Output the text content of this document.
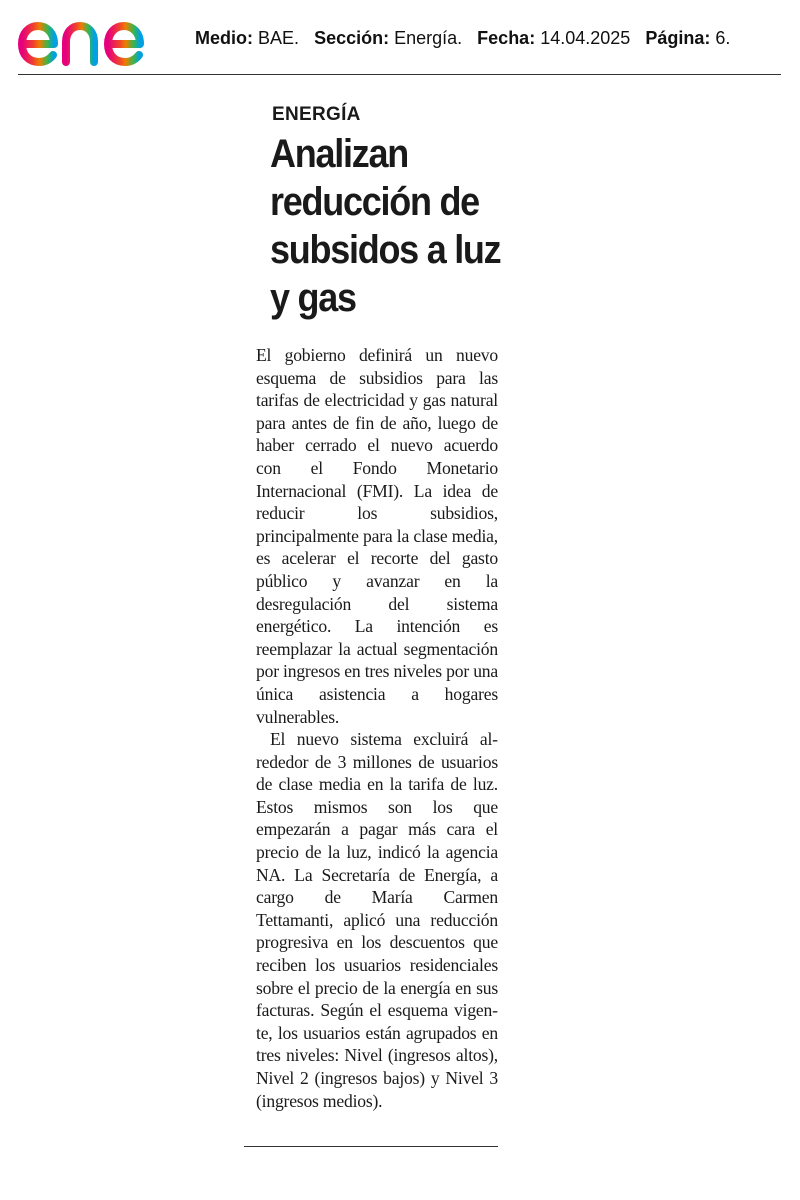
Medio: BAE. Sección: Energía. Fecha: 14.04.2025 Página: 6.
ENERGÍA
Analizan reducción de subsidos a luz y gas

El gobierno definirá un nuevo esquema de subsidios para las tarifas de electricidad y gas natural para antes de fin de año, luego de haber cerrado el nuevo acuerdo con el Fondo Monetario Internacional (FMI). La idea de reducir los subsidios, principalmente para la clase media, es acelerar el recorte del gasto público y avanzar en la desregulación del sistema energético. La intención es reemplazar la actual segmentación por ingresos en tres niveles por una única asistencia a hogares vulnerables.

El nuevo sistema excluirá alrededor de 3 millones de usuarios de clase media en la tarifa de luz. Estos mismos son los que empezarán a pagar más cara el precio de la luz, indicó la agencia NA. La Secretaría de Energía, a cargo de María Carmen Tettamanti, aplicó una reducción progresiva en los descuentos que reciben los usuarios residenciales sobre el precio de la energía en sus facturas. Según el esquema vigente, los usuarios están agrupados en tres niveles: Nivel (ingresos altos), Nivel 2 (ingresos bajos) y Nivel 3 (ingresos medios).
